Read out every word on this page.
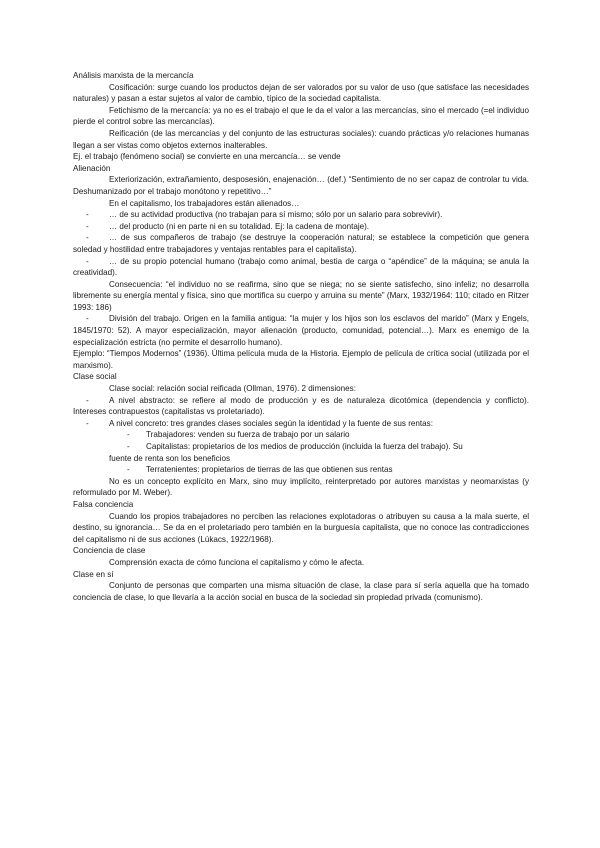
Análisis marxista de la mercancía

Cosificación: surge cuando los productos dejan de ser valorados por su valor de uso (que satisface las necesidades naturales) y pasan a estar sujetos al valor de cambio, típico de la sociedad capitalista.

Fetichismo de la mercancía: ya no es el trabajo el que le da el valor a las mercancías, sino el mercado (=el individuo pierde el control sobre las mercancías).

Reificación (de las mercancías y del conjunto de las estructuras sociales): cuando prácticas y/o relaciones humanas llegan a ser vistas como objetos externos inalterables.

Ej. el trabajo (fenómeno social) se convierte en una mercancía… se vende

Alienación

Exteriorización, extrañamiento, desposesión, enajenación… (def.) “Sentimiento de no ser capaz de controlar tu vida. Deshumanizado por el trabajo monótono y repetitivo…”

En el capitalismo, los trabajadores están alienados…

-	… de su actividad productiva (no trabajan para sí mismo; sólo por un salario para sobrevivir).
-	… del producto (ni en parte ni en su totalidad. Ej: la cadena de montaje).

-	… de sus compañeros de trabajo (se destruye la cooperación natural; se establece la competición que genera soledad y hostilidad entre trabajadores y ventajas rentables para el capitalista).

-	… de su propio potencial humano (trabajo como animal, bestia de carga o “apéndice” de la máquina; se anula la creatividad).

Consecuencia: “el individuo no se reafirma, sino que se niega; no se siente satisfecho, sino infeliz; no desarrolla libremente su energía mental y física, sino que mortifica su cuerpo y arruina su mente” (Marx, 1932/1964: 110; citado en Ritzer 1993: 186)

-	División del trabajo. Origen en la familia antigua: “la mujer y los hijos son los esclavos del marido” (Marx y Engels, 1845/1970: 52). A mayor especialización, mayor alienación (producto, comunidad, potencial…). Marx es enemigo de la especialización estricta (no permite el desarrollo humano).

Ejemplo: “Tiempos Modernos” (1936). Última película muda de la Historia. Ejemplo de película de crítica social (utilizada por el marxismo).

Clase social

Clase social: relación social reificada (Ollman, 1976). 2 dimensiones:

-	A nivel abstracto: se refiere al modo de producción y es de naturaleza dicotómica (dependencia y conflicto). Intereses contrapuestos (capitalistas vs proletariado).

-	A nivel concreto: tres grandes clases sociales según la identidad y la fuente de sus rentas:
-	Trabajadores: venden su fuerza de trabajo por un salario
-	Capitalistas: propietarios de los medios de producción (incluida la fuerza del trabajo). Su

fuente de renta son los beneficios

-	Terratenientes: propietarios de tierras de las que obtienen sus rentas

No es un concepto explícito en Marx, sino muy implícito, reinterpretado por autores marxistas y neomarxistas (y reformulado por M. Weber).

Falsa conciencia

Cuando los propios trabajadores no perciben las relaciones explotadoras o atribuyen su causa a la mala suerte, el destino, su ignorancia… Se da en el proletariado pero también en la burguesía capitalista, que no conoce las contradicciones del capitalismo ni de sus acciones (Lúkacs, 1922/1968).

Conciencia de clase

Comprensión exacta de cómo funciona el capitalismo y cómo le afecta.

Clase en sí

Conjunto de personas que comparten una misma situación de clase, la clase para sí sería aquella que ha tomado conciencia de clase, lo que llevaría a la acción social en busca de la sociedad sin propiedad privada (comunismo).
